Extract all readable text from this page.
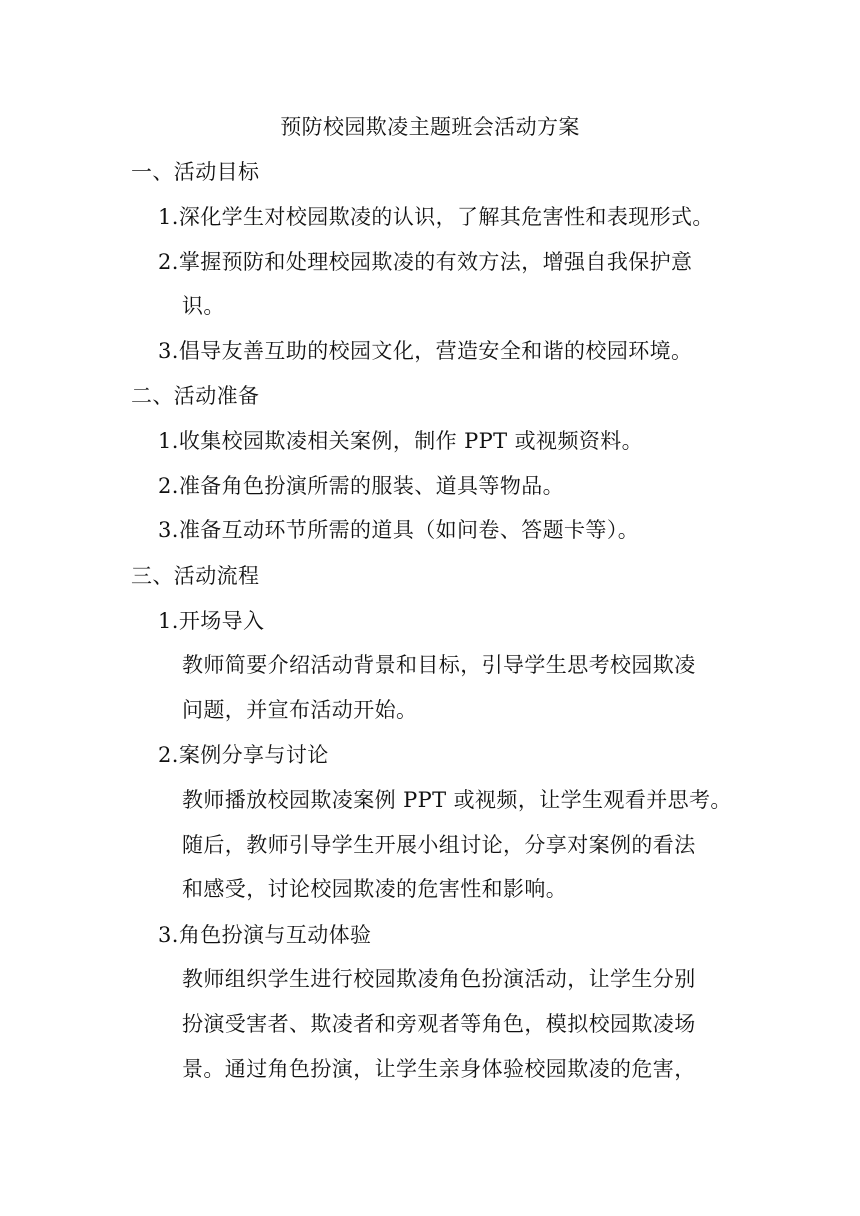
预防校园欺凌主题班会活动方案
一、活动目标
1.深化学生对校园欺凌的认识，了解其危害性和表现形式。
2.掌握预防和处理校园欺凌的有效方法，增强自我保护意
识。
3.倡导友善互助的校园文化，营造安全和谐的校园环境。
二、活动准备
1.收集校园欺凌相关案例，制作 PPT 或视频资料。
2.准备角色扮演所需的服装、道具等物品。
3.准备互动环节所需的道具（如问卷、答题卡等）。
三、活动流程
1.开场导入
教师简要介绍活动背景和目标，引导学生思考校园欺凌
问题，并宣布活动开始。
2.案例分享与讨论
教师播放校园欺凌案例 PPT 或视频，让学生观看并思考。
随后，教师引导学生开展小组讨论，分享对案例的看法
和感受，讨论校园欺凌的危害性和影响。
3.角色扮演与互动体验
教师组织学生进行校园欺凌角色扮演活动，让学生分别
扮演受害者、欺凌者和旁观者等角色，模拟校园欺凌场
景。通过角色扮演，让学生亲身体验校园欺凌的危害，
